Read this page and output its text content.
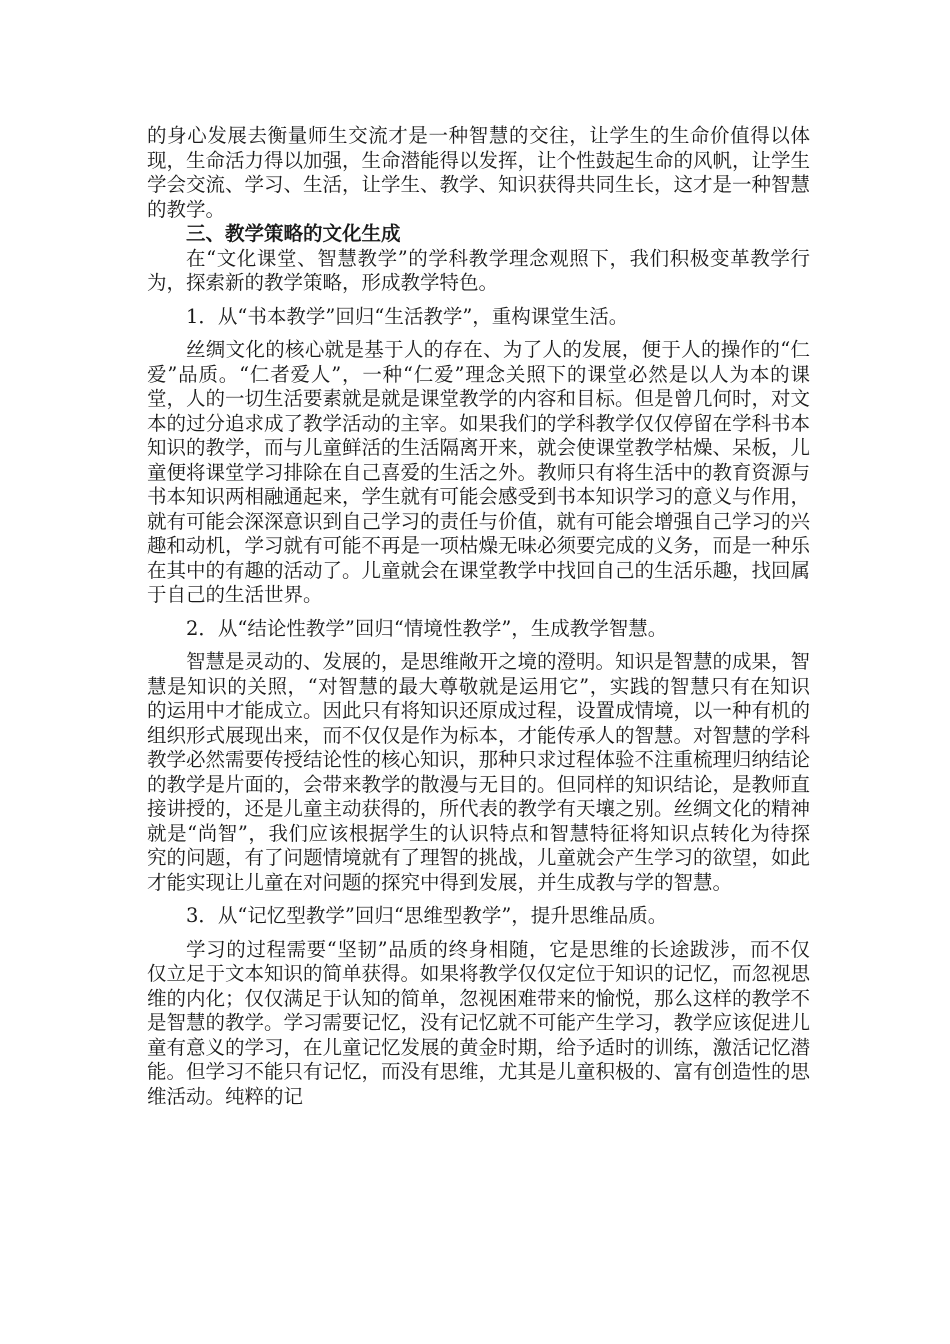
的身心发展去衡量师生交流才是一种智慧的交往，让学生的生命价值得以体现，生命活力得以加强，生命潜能得以发挥，让个性鼓起生命的风帆，让学生学会交流、学习、生活，让学生、教学、知识获得共同生长，这才是一种智慧的教学。

三、教学策略的文化生成

在“文化课堂、智慧教学”的学科教学理念观照下，我们积极变革教学行为，探索新的教学策略，形成教学特色。

1．从“书本教学”回归“生活教学”，重构课堂生活。

丝绸文化的核心就是基于人的存在、为了人的发展，便于人的操作的“仁爱”品质。“仁者爱人”，一种“仁爱”理念关照下的课堂必然是以人为本的课堂，人的一切生活要素就是就是课堂教学的内容和目标。但是曾几何时，对文本的过分追求成了教学活动的主宰。如果我们的学科教学仅仅停留在学科书本知识的教学，而与儿童鲜活的生活隔离开来，就会使课堂教学枯燥、呆板，儿童便将课堂学习排除在自己喜爱的生活之外。教师只有将生活中的教育资源与书本知识两相融通起来，学生就有可能会感受到书本知识学习的意义与作用，就有可能会深深意识到自己学习的责任与价值，就有可能会增强自己学习的兴趣和动机，学习就有可能不再是一项枯燥无味必须要完成的义务，而是一种乐在其中的有趣的活动了。儿童就会在课堂教学中找回自己的生活乐趣，找回属于自己的生活世界。

2．从“结论性教学”回归“情境性教学”，生成教学智慧。

智慧是灵动的、发展的，是思维敞开之境的澄明。知识是智慧的成果，智慧是知识的关照，“对智慧的最大尊敬就是运用它”，实践的智慧只有在知识的运用中才能成立。因此只有将知识还原成过程，设置成情境，以一种有机的组织形式展现出来，而不仅仅是作为标本，才能传承人的智慧。对智慧的学科教学必然需要传授结论性的核心知识，那种只求过程体验不注重梳理归纳结论的教学是片面的，会带来教学的散漫与无目的。但同样的知识结论，是教师直接讲授的，还是儿童主动获得的，所代表的教学有天壤之别。丝绸文化的精神就是“尚智”，我们应该根据学生的认识特点和智慧特征将知识点转化为待探究的问题，有了问题情境就有了理智的挑战，儿童就会产生学习的欲望，如此才能实现让儿童在对问题的探究中得到发展，并生成教与学的智慧。

3．从“记忆型教学”回归“思维型教学”，提升思维品质。

学习的过程需要“坚韧”品质的终身相随，它是思维的长途跋涉，而不仅仅立足于文本知识的简单获得。如果将教学仅仅定位于知识的记忆，而忽视思维的内化；仅仅满足于认知的简单，忽视困难带来的愉悦，那么这样的教学不是智慧的教学。学习需要记忆，没有记忆就不可能产生学习，教学应该促进儿童有意义的学习，在儿童记忆发展的黄金时期，给予适时的训练，激活记忆潜能。但学习不能只有记忆，而没有思维，尤其是儿童积极的、富有创造性的思维活动。纯粹的记
